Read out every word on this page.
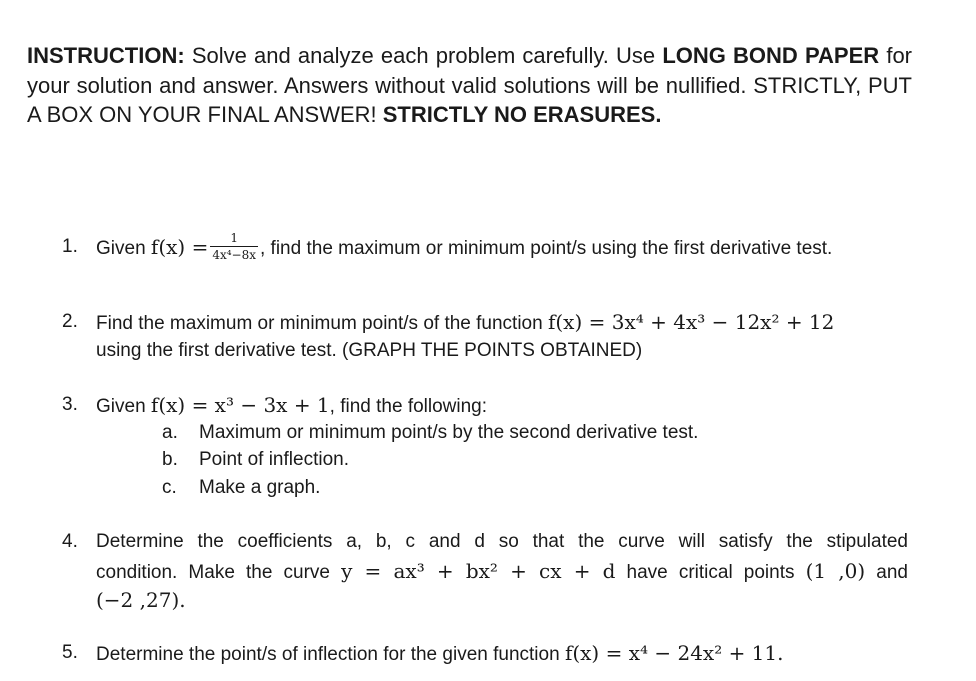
INSTRUCTION: Solve and analyze each problem carefully. Use LONG BOND PAPER for your solution and answer. Answers without valid solutions will be nullified. STRICTLY, PUT A BOX ON YOUR FINAL ANSWER! STRICTLY NO ERASURES.
1. Given $f(x) = \frac{1}{\text{4x⁴−8x}}$ , find the maximum or minimum point/s using the first derivative test.
2. Find the maximum or minimum point/s of the function f(x) = 3x⁴ + 4x³ − 12x² + 12
using the first derivative test. (GRAPH THE POINTS OBTAINED)
3. Given f(x) = x³ − 3x + 1, find the following:
a. Maximum or minimum point/s by the second derivative test.
b. Point of inflection.
c. Make a graph.
4. Determine the coefficients a, b, c and d so that the curve will satisfy the stipulated
condition. Make the curve y = ax³ + bx² + cx + d have critical points (1 ,0) and
(−2 ,27).
5. Determine the point/s of inflection for the given function f(x) = x⁴ − 24x² + 11.
